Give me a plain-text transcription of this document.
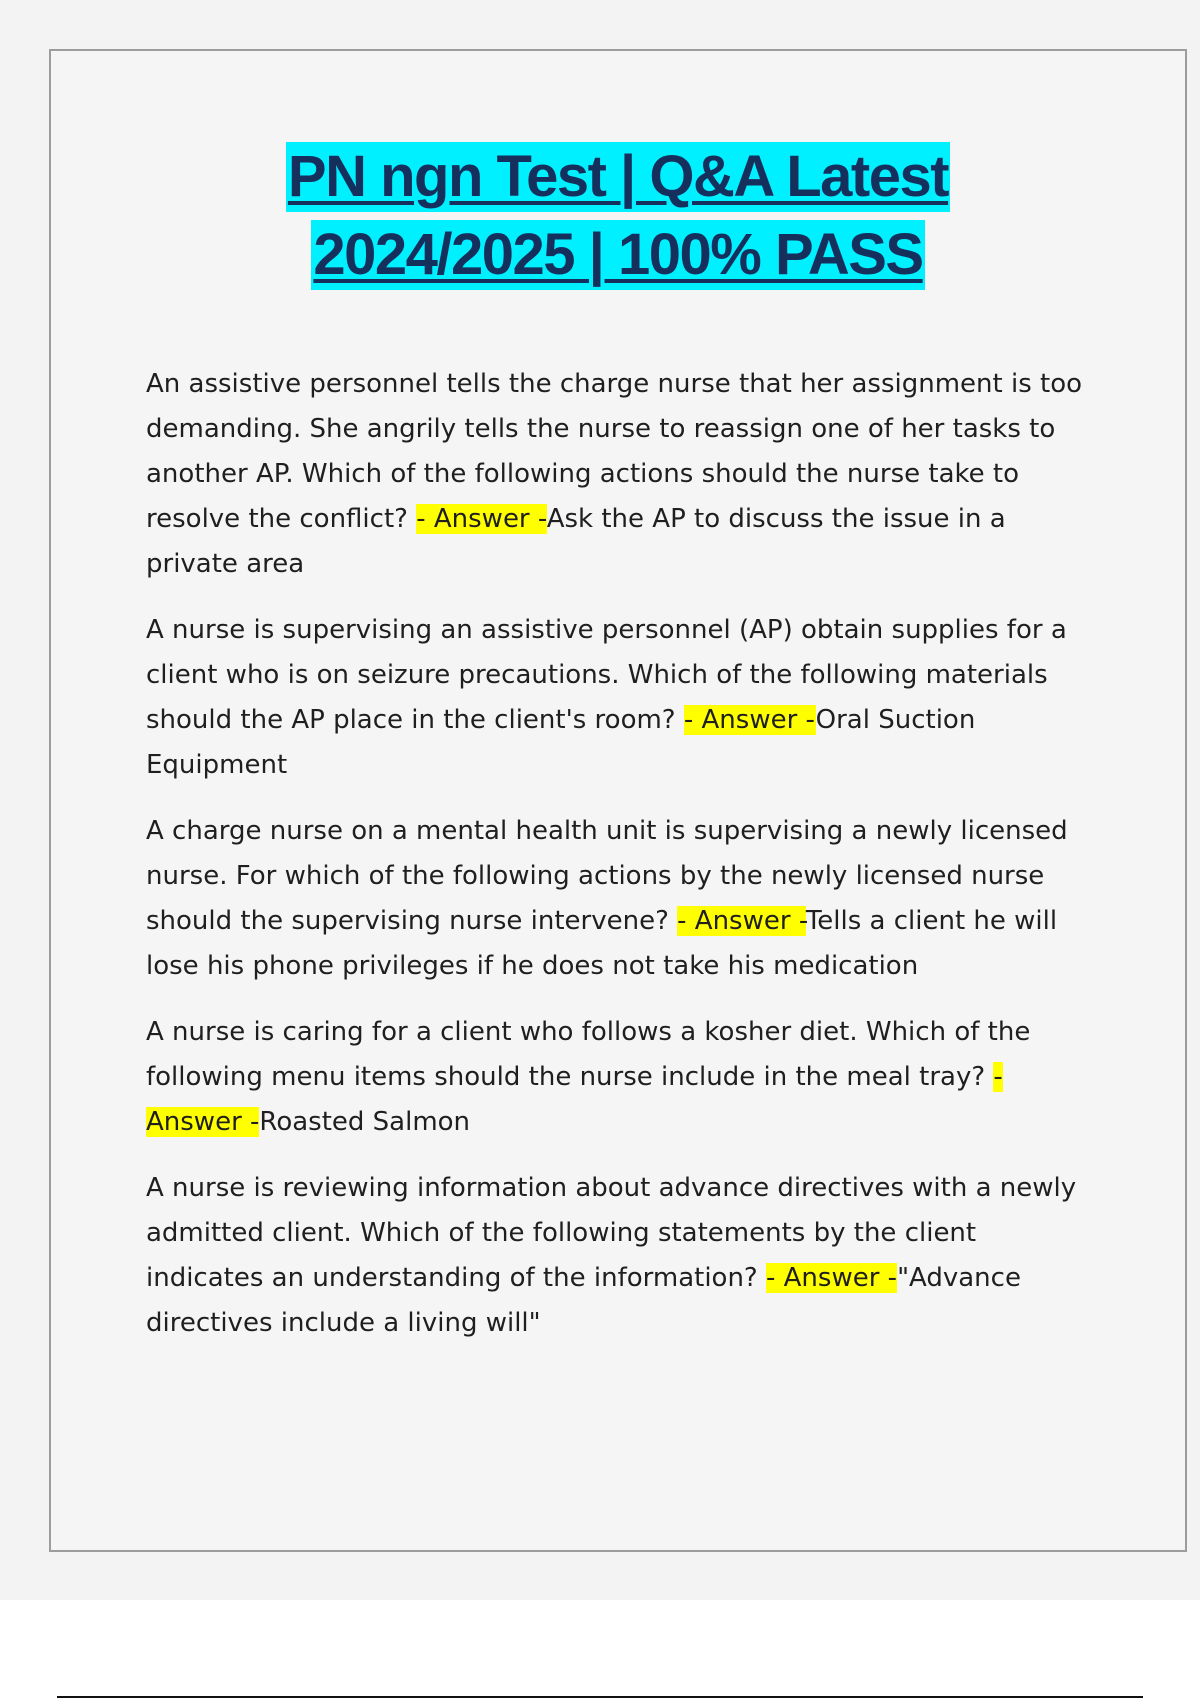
PN ngn Test | Q&A Latest
2024/2025 | 100% PASS

An assistive personnel tells the charge nurse that her assignment is too demanding. She angrily tells the nurse to reassign one of her tasks to another AP. Which of the following actions should the nurse take to resolve the conflict? - Answer -Ask the AP to discuss the issue in a private area

A nurse is supervising an assistive personnel (AP) obtain supplies for a client who is on seizure precautions. Which of the following materials should the AP place in the client's room? - Answer -Oral Suction Equipment

A charge nurse on a mental health unit is supervising a newly licensed nurse. For which of the following actions by the newly licensed nurse should the supervising nurse intervene? - Answer -Tells a client he will lose his phone privileges if he does not take his medication

A nurse is caring for a client who follows a kosher diet. Which of the following menu items should the nurse include in the meal tray? - Answer -Roasted Salmon

A nurse is reviewing information about advance directives with a newly admitted client. Which of the following statements by the client indicates an understanding of the information? - Answer -"Advance directives include a living will"
